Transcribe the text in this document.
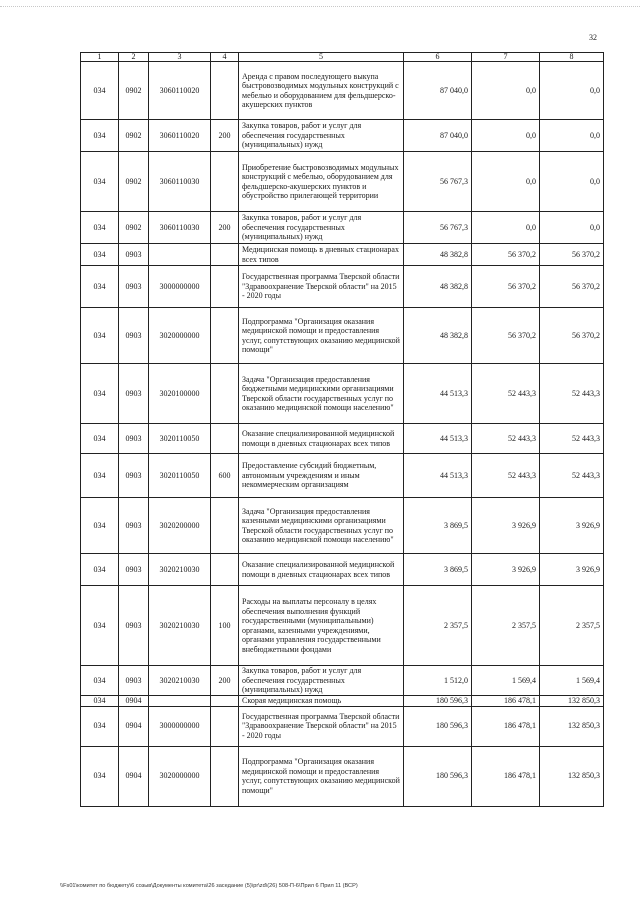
32
1	2	3	4	5	6	7	8
034	0902	3060110020		Аренда с правом последующего выкупа быстровозводимых модульных конструкций с мебелью и оборудованием для фельдшерско-акушерских пунктов	87 040,0	0,0	0,0
034	0902	3060110020	200	Закупка товаров, работ и услуг для обеспечения государственных (муниципальных) нужд	87 040,0	0,0	0,0
034	0902	3060110030		Приобретение быстровозводимых модульных конструкций с мебелью, оборудованием для фельдшерско-акушерских пунктов и обустройство прилегающей территории	56 767,3	0,0	0,0
034	0902	3060110030	200	Закупка товаров, работ и услуг для обеспечения государственных (муниципальных) нужд	56 767,3	0,0	0,0
034	0903			Медицинская помощь в дневных стационарах всех типов	48 382,8	56 370,2	56 370,2
034	0903	3000000000		Государственная программа Тверской области "Здравоохранение Тверской области" на 2015 - 2020 годы	48 382,8	56 370,2	56 370,2
034	0903	3020000000		Подпрограмма "Организация оказания медицинской помощи и предоставления услуг, сопутствующих оказанию медицинской помощи"	48 382,8	56 370,2	56 370,2
034	0903	3020100000		Задача "Организация предоставления бюджетными медицинскими организациями Тверской области государственных услуг по оказанию медицинской помощи населению"	44 513,3	52 443,3	52 443,3
034	0903	3020110050		Оказание специализированной медицинской помощи в дневных стационарах всех типов	44 513,3	52 443,3	52 443,3
034	0903	3020110050	600	Предоставление субсидий бюджетным, автономным учреждениям и иным некоммерческим организациям	44 513,3	52 443,3	52 443,3
034	0903	3020200000		Задача "Организация предоставления казенными медицинскими организациями Тверской области государственных услуг по оказанию медицинской помощи населению"	3 869,5	3 926,9	3 926,9
034	0903	3020210030		Оказание специализированной медицинской помощи в дневных стационарах всех типов	3 869,5	3 926,9	3 926,9
034	0903	3020210030	100	Расходы на выплаты персоналу в целях обеспечения выполнения функций государственными (муниципальными) органами, казенными учреждениями, органами управления государственными внебюджетными фондами	2 357,5	2 357,5	2 357,5
034	0903	3020210030	200	Закупка товаров, работ и услуг для обеспечения государственных (муниципальных) нужд	1 512,0	1 569,4	1 569,4
034	0904			Скорая медицинская помощь	180 596,3	186 478,1	132 850,3
034	0904	3000000000		Государственная программа Тверской области "Здравоохранение Тверской области" на 2015 - 2020 годы	180 596,3	186 478,1	132 850,3
034	0904	3020000000		Подпрограмма "Организация оказания медицинской помощи и предоставления услуг, сопутствующих оказанию медицинской помощи"	180 596,3	186 478,1	132 850,3
\\Fs01\комитет по бюджету\6 созыв\Документы комитета\26 заседание (5)\pr\zd\(26) 508-П-6\Прил 6 Прил 11 (ВСР)
